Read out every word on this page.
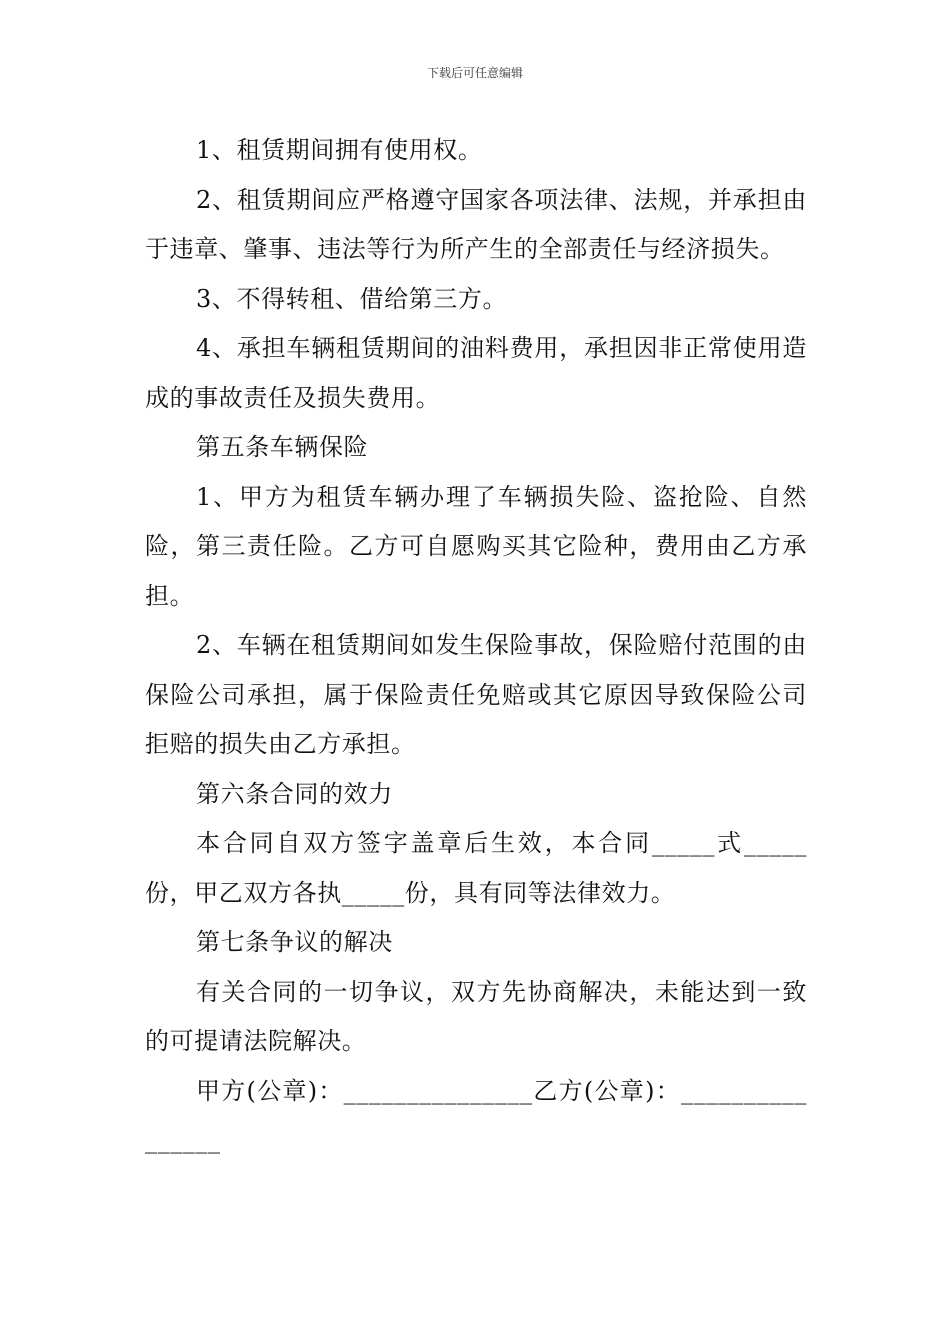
下载后可任意编辑

1、租赁期间拥有使用权。

2、租赁期间应严格遵守国家各项法律、法规，并承担由于违章、肇事、违法等行为所产生的全部责任与经济损失。

3、不得转租、借给第三方。

4、承担车辆租赁期间的油料费用，承担因非正常使用造成的事故责任及损失费用。

第五条车辆保险

1、甲方为租赁车辆办理了车辆损失险、盗抢险、自然险，第三责任险。乙方可自愿购买其它险种，费用由乙方承担。

2、车辆在租赁期间如发生保险事故，保险赔付范围的由保险公司承担，属于保险责任免赔或其它原因导致保险公司拒赔的损失由乙方承担。

第六条合同的效力

本合同自双方签字盖章后生效，本合同_____式_____份，甲乙双方各执_____份，具有同等法律效力。

第七条争议的解决

有关合同的一切争议，双方先协商解决，未能达到一致的可提请法院解决。

甲方(公章)：_______________乙方(公章)：________________
